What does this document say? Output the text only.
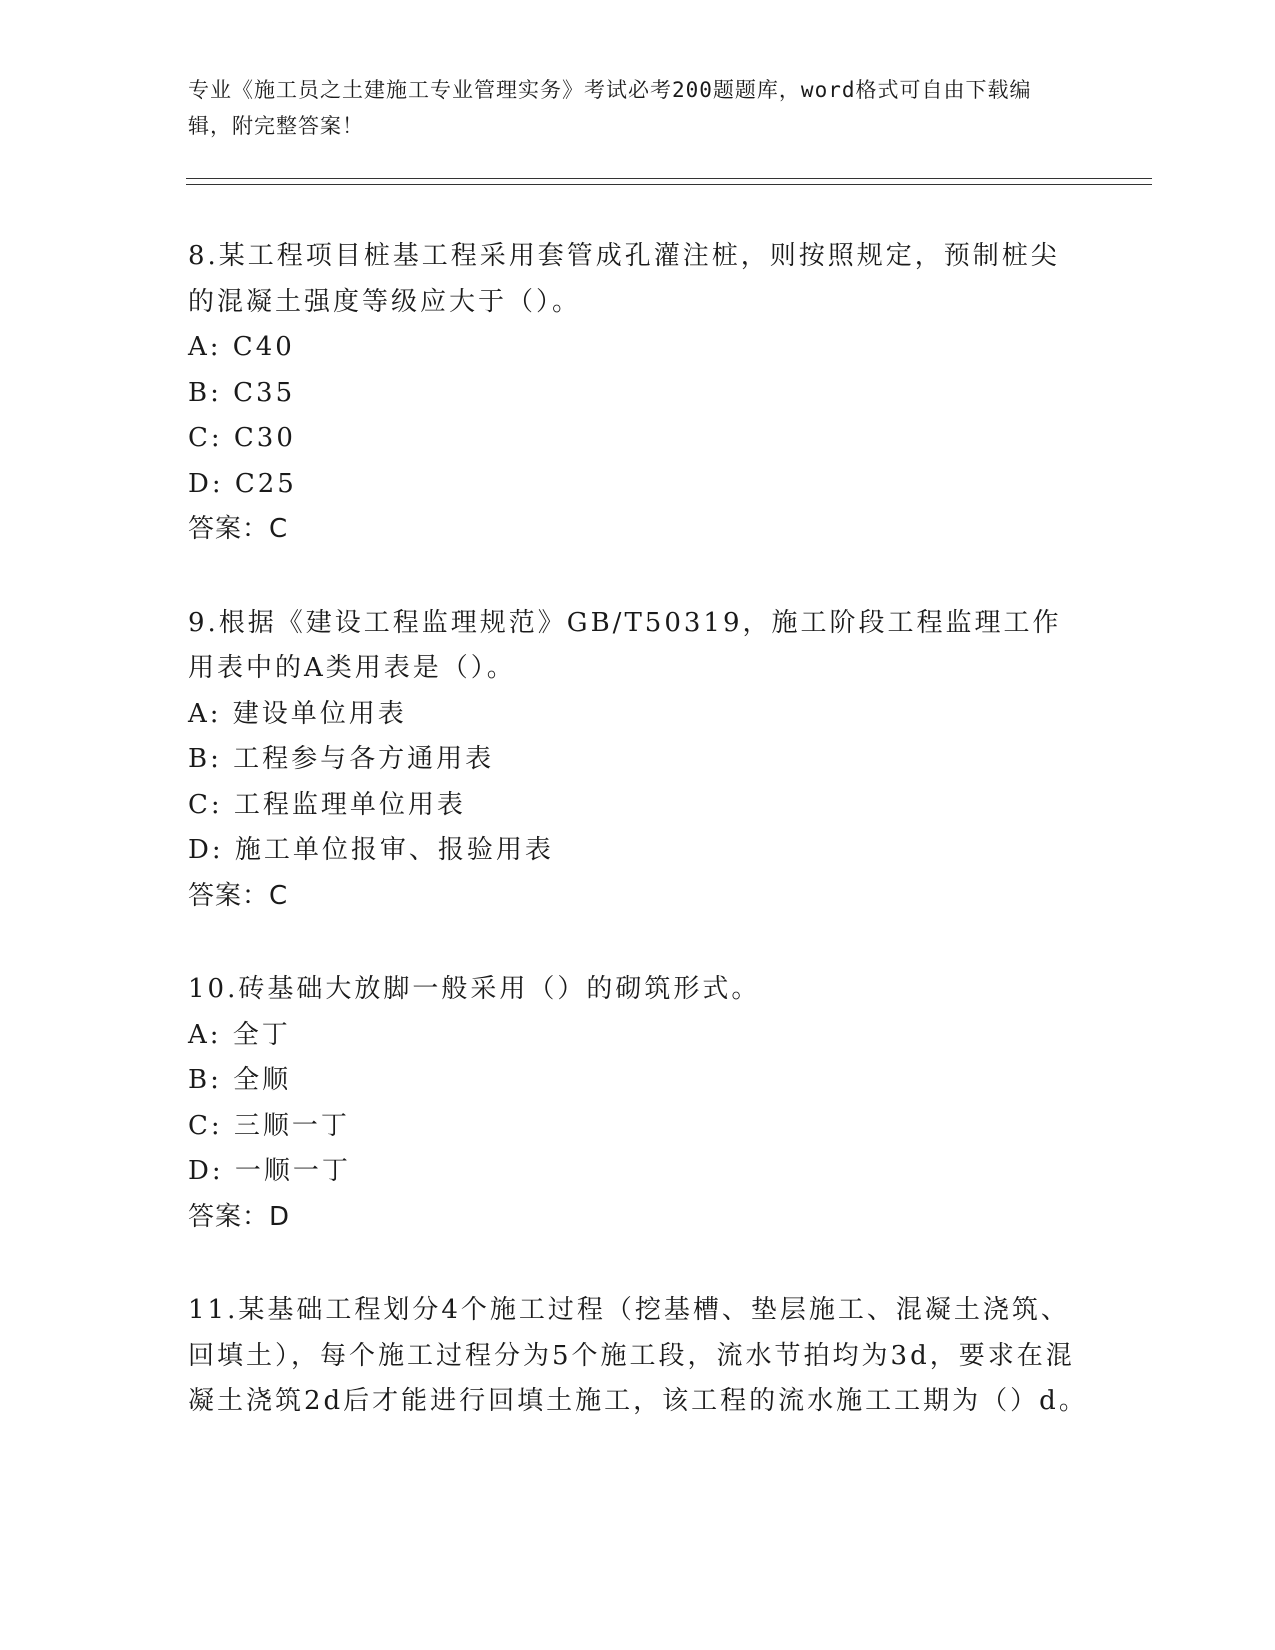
专业《施工员之土建施工专业管理实务》考试必考200题题库，word格式可自由下载编辑，附完整答案！

8.某工程项目桩基工程采用套管成孔灌注桩，则按照规定，预制桩尖的混凝土强度等级应大于（）。

A: C40
B: C35
C: C30
D: C25

答案：C

9.根据《建设工程监理规范》GB/T50319，施工阶段工程监理工作用表中的A类用表是（）。

A: 建设单位用表
B: 工程参与各方通用表
C: 工程监理单位用表
D: 施工单位报审、报验用表

答案：C

10.砖基础大放脚一般采用（）的砌筑形式。

A: 全丁
B: 全顺
C: 三顺一丁
D: 一顺一丁

答案：D

11.某基础工程划分4个施工过程（挖基槽、垫层施工、混凝土浇筑、回填土），每个施工过程分为5个施工段，流水节拍均为3d，要求在混凝土浇筑2d后才能进行回填土施工，该工程的流水施工工期为（）d。
